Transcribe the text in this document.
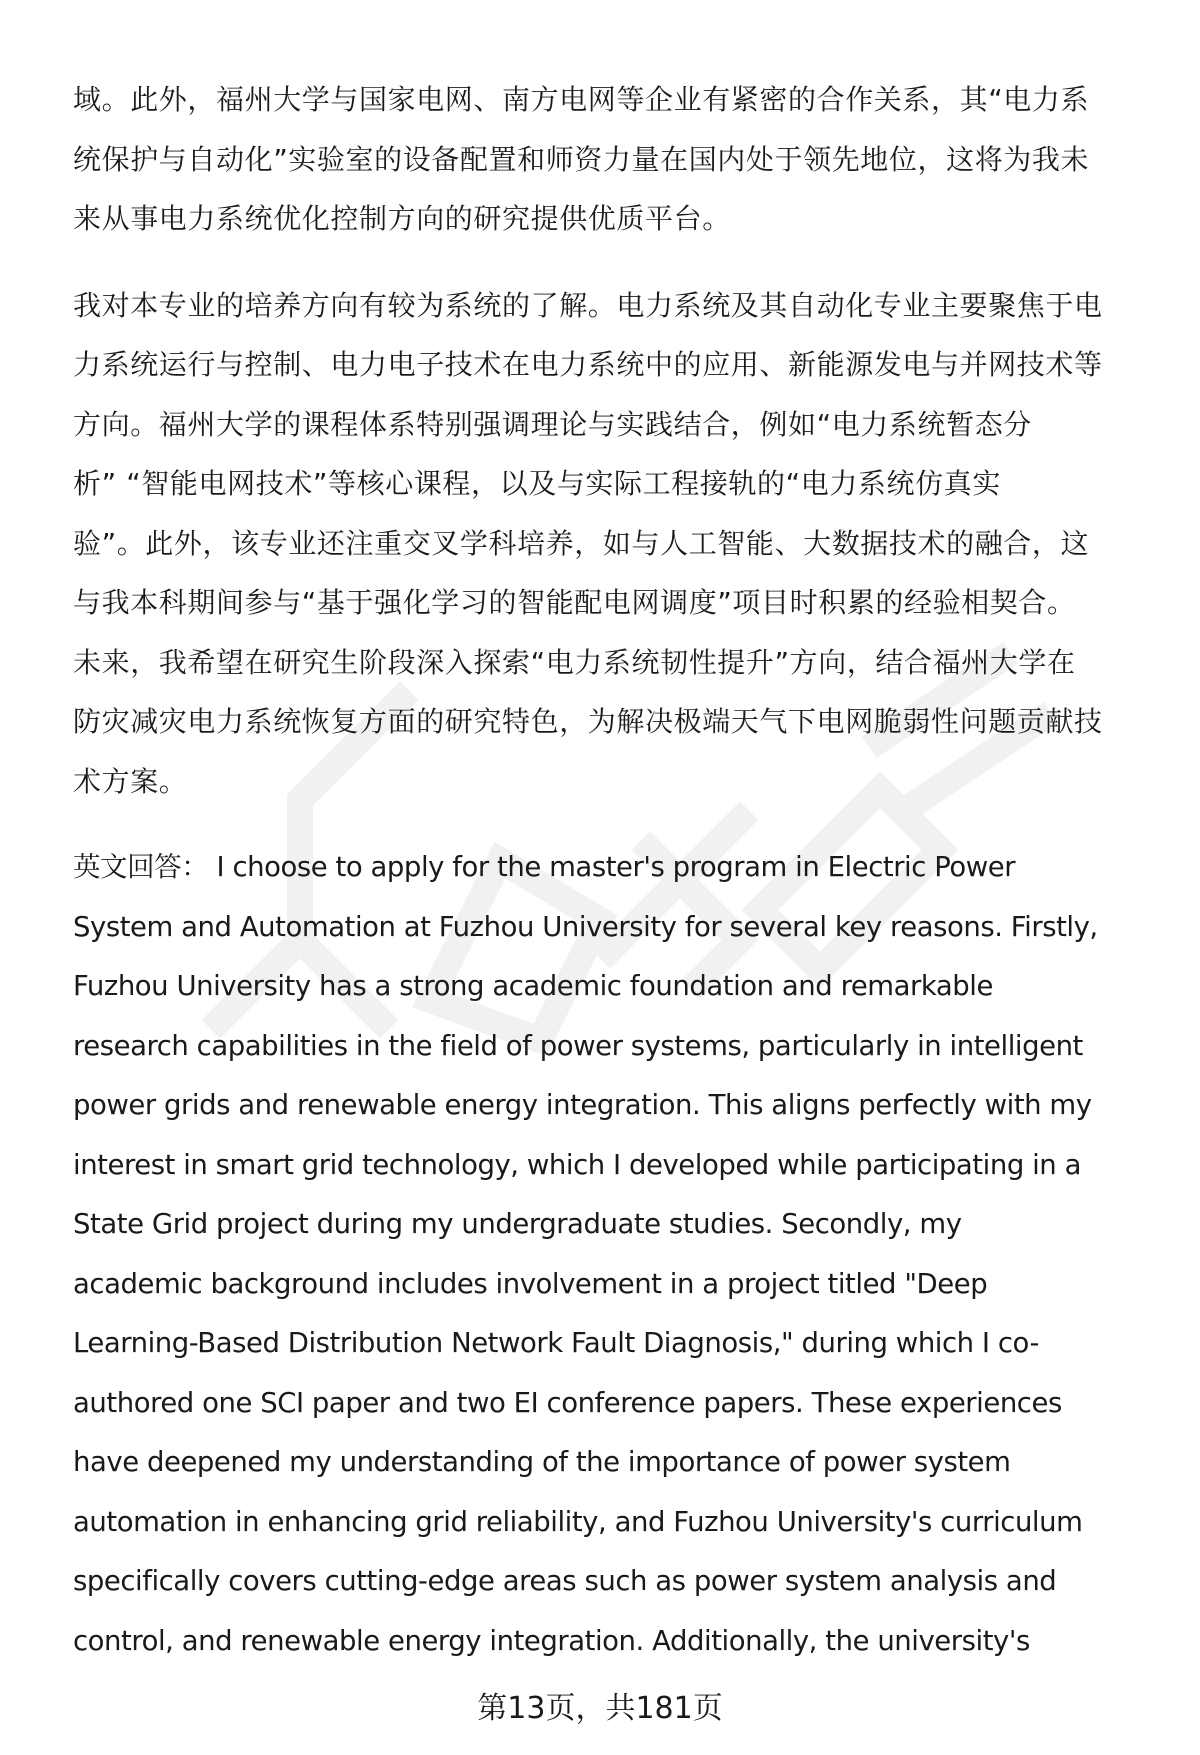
域。此外，福州大学与国家电网、南方电网等企业有紧密的合作关系，其“电力系
统保护与自动化”实验室的设备配置和师资力量在国内处于领先地位，这将为我未
来从事电力系统优化控制方向的研究提供优质平台。
我对本专业的培养方向有较为系统的了解。电力系统及其自动化专业主要聚焦于电
力系统运行与控制、电力电子技术在电力系统中的应用、新能源发电与并网技术等
方向。福州大学的课程体系特别强调理论与实践结合，例如“电力系统暂态分
析” “智能电网技术”等核心课程，以及与实际工程接轨的“电力系统仿真实
验”。此外，该专业还注重交叉学科培养，如与人工智能、大数据技术的融合，这
与我本科期间参与“基于强化学习的智能配电网调度”项目时积累的经验相契合。
未来，我希望在研究生阶段深入探索“电力系统韧性提升”方向，结合福州大学在
防灾减灾电力系统恢复方面的研究特色，为解决极端天气下电网脆弱性问题贡献技
术方案。
英文回答： I choose to apply for the master's program in Electric Power
System and Automation at Fuzhou University for several key reasons. Firstly,
Fuzhou University has a strong academic foundation and remarkable
research capabilities in the field of power systems, particularly in intelligent
power grids and renewable energy integration. This aligns perfectly with my
interest in smart grid technology, which I developed while participating in a
State Grid project during my undergraduate studies. Secondly, my
academic background includes involvement in a project titled "Deep
Learning-Based Distribution Network Fault Diagnosis," during which I co-
authored one SCI paper and two EI conference papers. These experiences
have deepened my understanding of the importance of power system
automation in enhancing grid reliability, and Fuzhou University's curriculum
specifically covers cutting-edge areas such as power system analysis and
control, and renewable energy integration. Additionally, the university's
第13页，共181页
